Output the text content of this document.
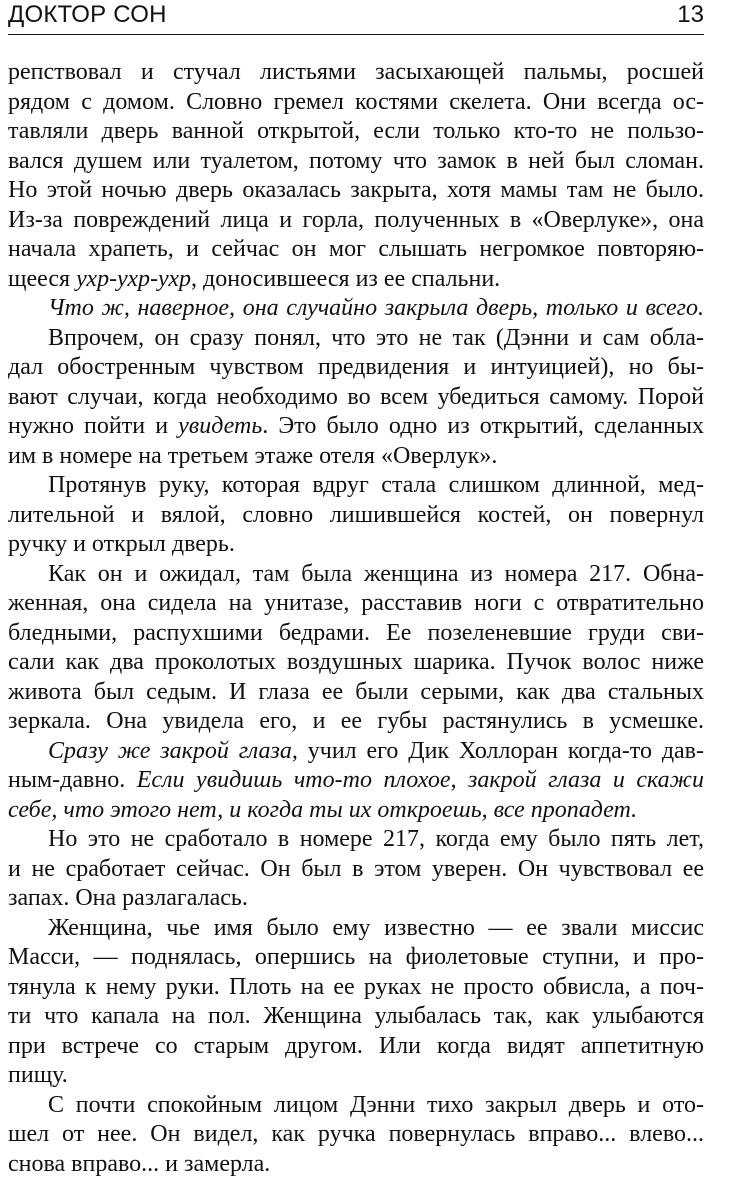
ДОКТОР СОН	13
репствовал и стучал листьями засыхающей пальмы, росшей
рядом с домом. Словно гремел костями скелета. Они всегда ос-
тавляли дверь ванной открытой, если только кто-то не пользо-
вался душем или туалетом, потому что замок в ней был сломан.
Но этой ночью дверь оказалась закрыта, хотя мамы там не было.
Из-за повреждений лица и горла, полученных в «Оверлуке», она
начала храпеть, и сейчас он мог слышать негромкое повторяю-
щееся ухр-ухр-ухр, доносившееся из ее спальни.
Что ж, наверное, она случайно закрыла дверь, только и всего.
Впрочем, он сразу понял, что это не так (Дэнни и сам обла-
дал обостренным чувством предвидения и интуицией), но бы-
вают случаи, когда необходимо во всем убедиться самому. Порой
нужно пойти и увидеть. Это было одно из открытий, сделанных
им в номере на третьем этаже отеля «Оверлук».
Протянув руку, которая вдруг стала слишком длинной, мед-
лительной и вялой, словно лишившейся костей, он повернул
ручку и открыл дверь.
Как он и ожидал, там была женщина из номера 217. Обна-
женная, она сидела на унитазе, расставив ноги с отвратительно
бледными, распухшими бедрами. Ее позеленевшие груди сви-
сали как два проколотых воздушных шарика. Пучок волос ниже
живота был седым. И глаза ее были серыми, как два стальных
зеркала. Она увидела его, и ее губы растянулись в усмешке.
Сразу же закрой глаза, учил его Дик Холлоран когда-то дав-
ным-давно. Если увидишь что-то плохое, закрой глаза и скажи
себе, что этого нет, и когда ты их откроешь, все пропадет.
Но это не сработало в номере 217, когда ему было пять лет,
и не сработает сейчас. Он был в этом уверен. Он чувствовал ее
запах. Она разлагалась.
Женщина, чье имя было ему известно — ее звали миссис
Масси, — поднялась, опершись на фиолетовые ступни, и про-
тянула к нему руки. Плоть на ее руках не просто обвисла, а поч-
ти что капала на пол. Женщина улыбалась так, как улыбаются
при встрече со старым другом. Или когда видят аппетитную
пищу.
С почти спокойным лицом Дэнни тихо закрыл дверь и ото-
шел от нее. Он видел, как ручка повернулась вправо... влево...
снова вправо... и замерла.
